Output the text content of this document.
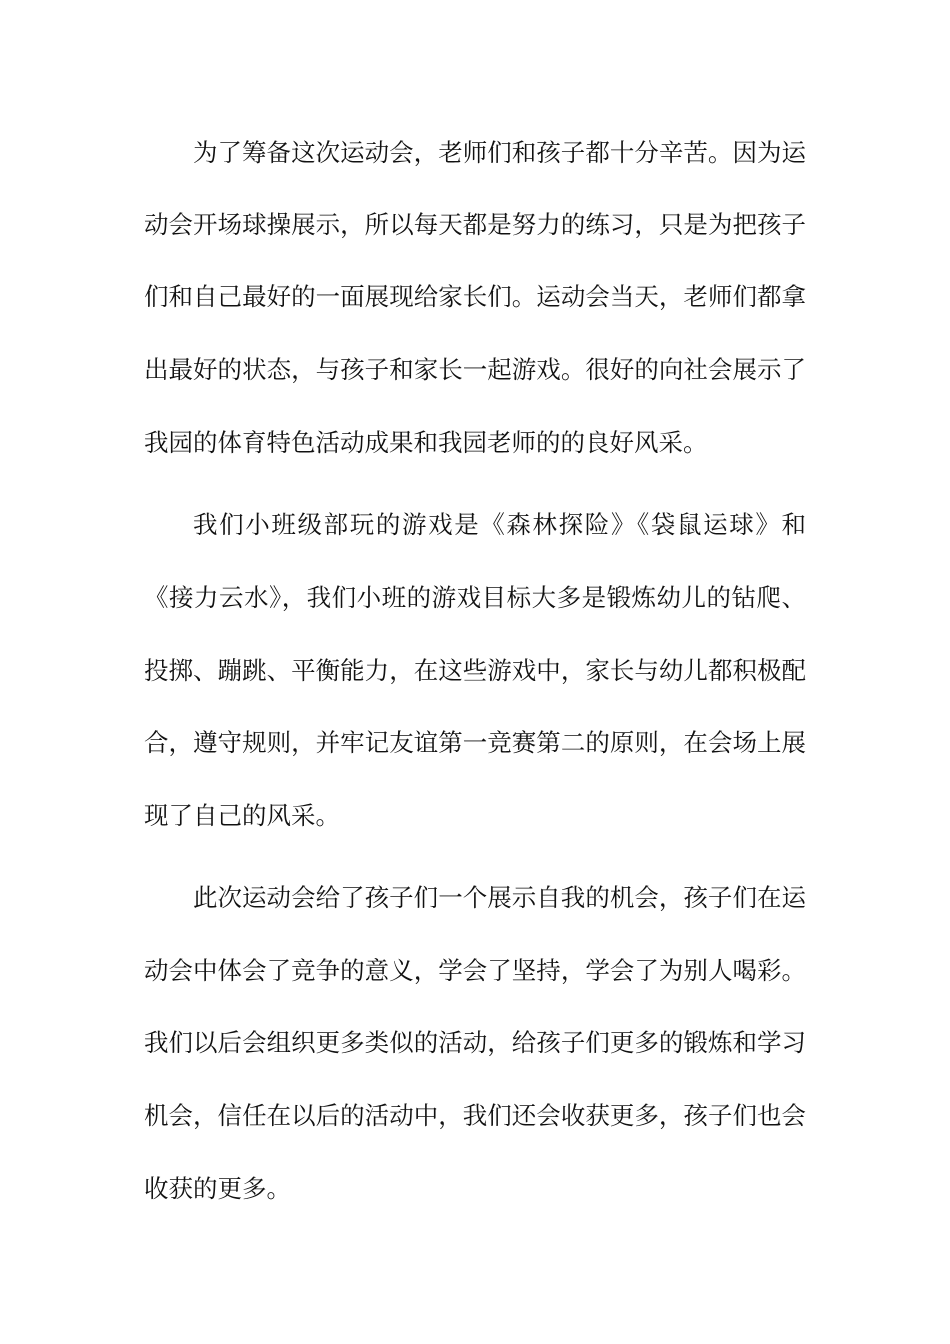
为了筹备这次运动会，老师们和孩子都十分辛苦。因为运
动会开场球操展示，所以每天都是努力的练习，只是为把孩子
们和自己最好的一面展现给家长们。运动会当天，老师们都拿
出最好的状态，与孩子和家长一起游戏。很好的向社会展示了
我园的体育特色活动成果和我园老师的的良好风采。
我们小班级部玩的游戏是《森林探险》《袋鼠运球》和
《接力云水》，我们小班的游戏目标大多是锻炼幼儿的钻爬、
投掷、蹦跳、平衡能力，在这些游戏中，家长与幼儿都积极配
合，遵守规则，并牢记友谊第一竞赛第二的原则，在会场上展
现了自己的风采。
此次运动会给了孩子们一个展示自我的机会，孩子们在运
动会中体会了竞争的意义，学会了坚持，学会了为别人喝彩。
我们以后会组织更多类似的活动，给孩子们更多的锻炼和学习
机会，信任在以后的活动中，我们还会收获更多，孩子们也会
收获的更多。
